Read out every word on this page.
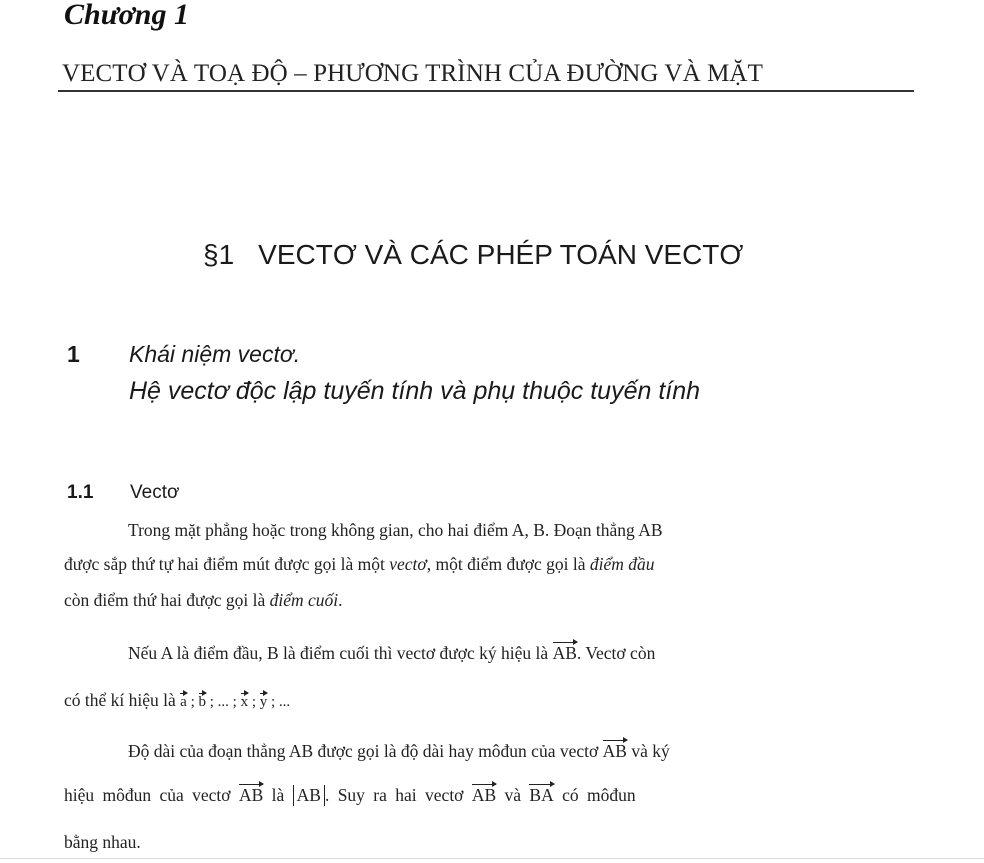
Chương 1
VECTƠ VÀ TOẠ ĐỘ – PHƯƠNG TRÌNH CỦA ĐƯỜNG VÀ MẶT
§1 VECTƠ VÀ CÁC PHÉP TOÁN VECTƠ
1 Khái niệm vectơ.
Hệ vectơ độc lập tuyến tính và phụ thuộc tuyến tính
1.1 Vectơ
Trong mặt phẳng hoặc trong không gian, cho hai điểm A, B. Đoạn thẳng AB
được sắp thứ tự hai điểm mút được gọi là một vectơ, một điểm được gọi là điểm đầu
còn điểm thứ hai được gọi là điểm cuối.
Nếu A là điểm đầu, B là điểm cuối thì vectơ được ký hiệu là AB. Vectơ còn
có thể kí hiệu là a ; b ; ... ; x ; y ; ...
Độ dài của đoạn thẳng AB được gọi là độ dài hay môđun của vectơ AB và ký
hiệu môđun của vectơ AB là AB . Suy ra hai vectơ AB và BA có môđun
bằng nhau.
